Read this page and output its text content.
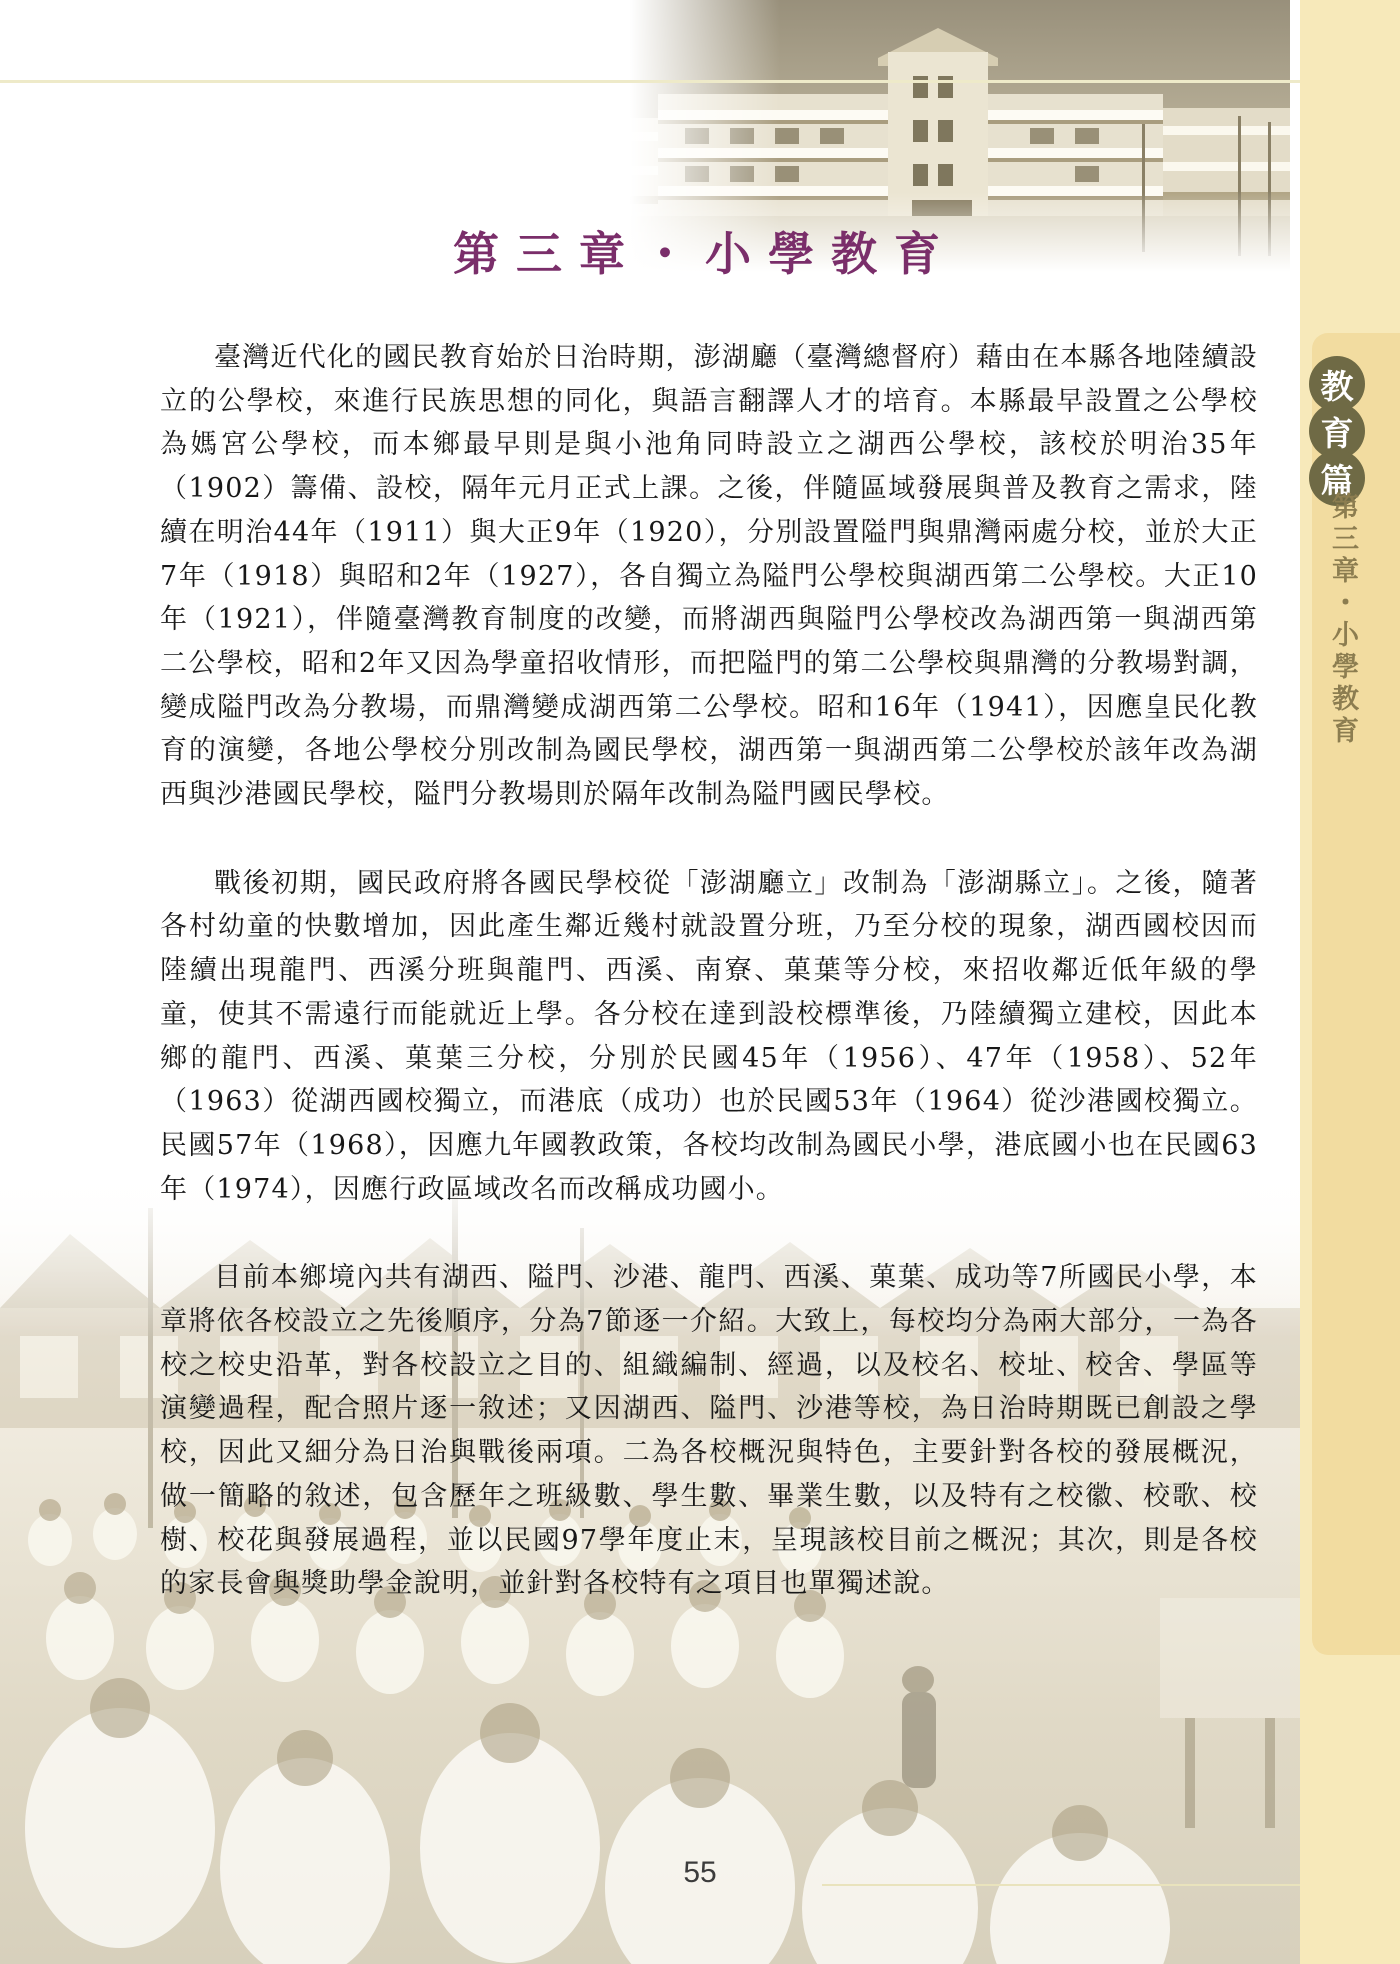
第三章・小學教育

臺灣近代化的國民教育始於日治時期，澎湖廳（臺灣總督府）藉由在本縣各地陸續設立的公學校，來進行民族思想的同化，與語言翻譯人才的培育。本縣最早設置之公學校為媽宮公學校，而本鄉最早則是與小池角同時設立之湖西公學校，該校於明治35年（1902）籌備、設校，隔年元月正式上課。之後，伴隨區域發展與普及教育之需求，陸續在明治44年（1911）與大正9年（1920），分別設置隘門與鼎灣兩處分校，並於大正7年（1918）與昭和2年（1927），各自獨立為隘門公學校與湖西第二公學校。大正10年（1921），伴隨臺灣教育制度的改變，而將湖西與隘門公學校改為湖西第一與湖西第二公學校，昭和2年又因為學童招收情形，而把隘門的第二公學校與鼎灣的分教場對調，變成隘門改為分教場，而鼎灣變成湖西第二公學校。昭和16年（1941），因應皇民化教育的演變，各地公學校分別改制為國民學校，湖西第一與湖西第二公學校於該年改為湖西與沙港國民學校，隘門分教場則於隔年改制為隘門國民學校。

戰後初期，國民政府將各國民學校從「澎湖廳立」改制為「澎湖縣立」。之後，隨著各村幼童的快數增加，因此產生鄰近幾村就設置分班，乃至分校的現象，湖西國校因而陸續出現龍門、西溪分班與龍門、西溪、南寮、菓葉等分校，來招收鄰近低年級的學童，使其不需遠行而能就近上學。各分校在達到設校標準後，乃陸續獨立建校，因此本鄉的龍門、西溪、菓葉三分校，分別於民國45年（1956）、47年（1958）、52年（1963）從湖西國校獨立，而港底（成功）也於民國53年（1964）從沙港國校獨立。民國57年（1968），因應九年國教政策，各校均改制為國民小學，港底國小也在民國63年（1974），因應行政區域改名而改稱成功國小。

目前本鄉境內共有湖西、隘門、沙港、龍門、西溪、菓葉、成功等7所國民小學，本章將依各校設立之先後順序，分為7節逐一介紹。大致上，每校均分為兩大部分，一為各校之校史沿革，對各校設立之目的、組織編制、經過，以及校名、校址、校舍、學區等演變過程，配合照片逐一敘述；又因湖西、隘門、沙港等校，為日治時期既已創設之學校，因此又細分為日治與戰後兩項。二為各校概況與特色，主要針對各校的發展概況，做一簡略的敘述，包含歷年之班級數、學生數、畢業生數，以及特有之校徽、校歌、校樹、校花與發展過程，並以民國97學年度止末，呈現該校目前之概況；其次，則是各校的家長會與獎助學金說明，並針對各校特有之項目也單獨述說。

教
育
篇
第三章・小學教育
55
